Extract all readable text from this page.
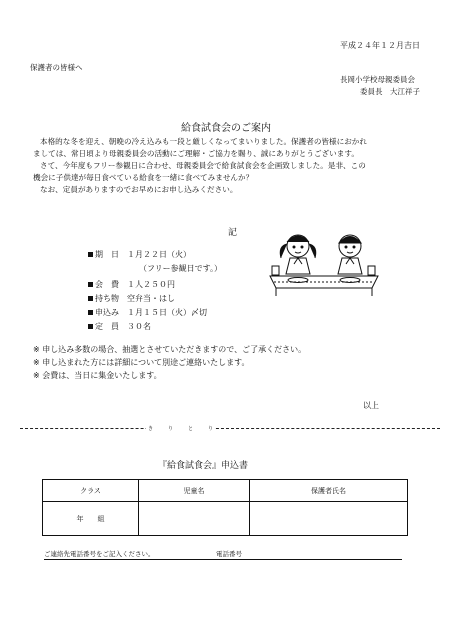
平成２４年１２月吉日
保護者の皆様へ
長岡小学校母親委員会
委員長　大江祥子
給食試食会のご案内
本格的な冬を迎え、朝晩の冷え込みも一段と厳しくなってまいりました。保護者の皆様におかれ
ましては、常日頃より母親委員会の活動にご理解・ご協力を賜り、誠にありがとうございます。
さて、今年度もフリー参観日に合わせ、母親委員会で給食試食会を企画致しました。是非、この
機会に子供達が毎日食べている給食を一緒に食べてみませんか？
なお、定員がありますのでお早めにお申し込みください。
記
期　日　 １月２２日（火）
（フリー参観日です。）
会　費　 １人２５０円
持ち物　 空弁当・はし
申込み　 １月１５日（火）〆切
定　員　 ３０名
※ 申し込み多数の場合、抽選とさせていただきますので、ご了承ください。
※ 申し込まれた方には詳細について別途ご連絡いたします。
※ 会費は、当日に集金いたします。
以上
き　　　り　　　と　　　り
『給食試食会』申込書
クラス	児童名	保護者氏名
年　　組		
ご連絡先電話番号をご記入ください。	電話番号
